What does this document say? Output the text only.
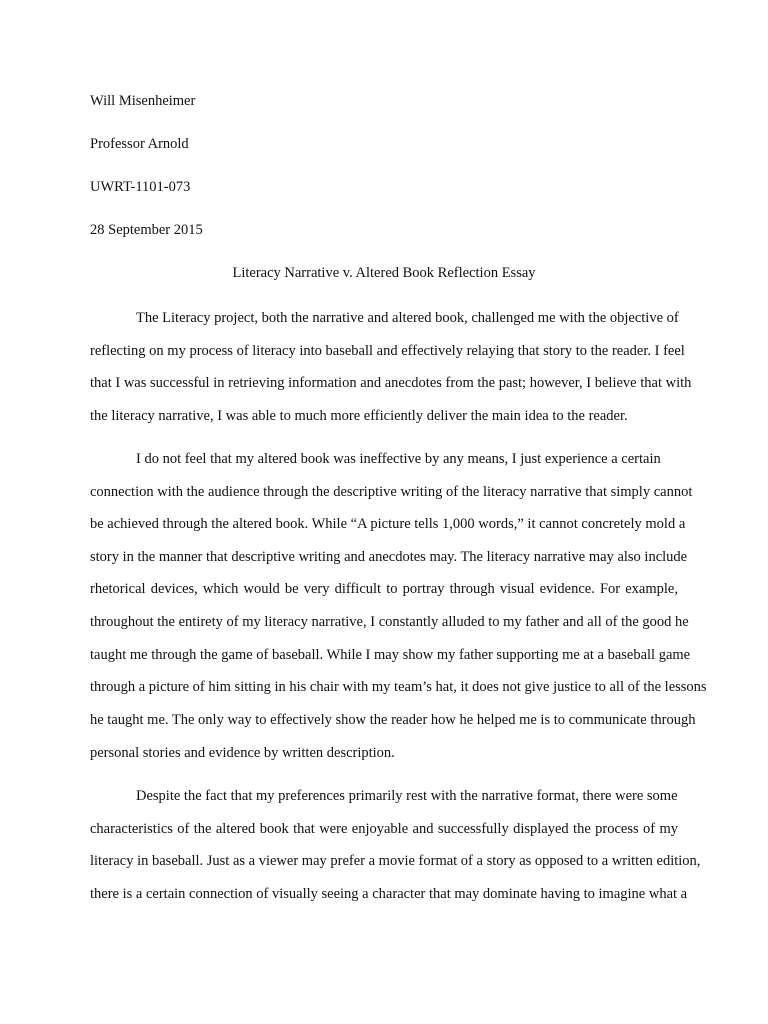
Will Misenheimer
Professor Arnold
UWRT-1101-073
28 September 2015
Literacy Narrative v. Altered Book Reflection Essay
The Literacy project, both the narrative and altered book, challenged me with the objective of
reflecting on my process of literacy into baseball and effectively relaying that story to the reader. I feel
that I was successful in retrieving information and anecdotes from the past; however, I believe that with
the literacy narrative, I was able to much more efficiently deliver the main idea to the reader.
I do not feel that my altered book was ineffective by any means, I just experience a certain
connection with the audience through the descriptive writing of the literacy narrative that simply cannot
be achieved through the altered book. While “A picture tells 1,000 words,” it cannot concretely mold a
story in the manner that descriptive writing and anecdotes may. The literacy narrative may also include
rhetorical devices, which would be very difficult to portray through visual evidence. For example,
throughout the entirety of my literacy narrative, I constantly alluded to my father and all of the good he
taught me through the game of baseball. While I may show my father supporting me at a baseball game
through a picture of him sitting in his chair with my team’s hat, it does not give justice to all of the lessons
he taught me. The only way to effectively show the reader how he helped me is to communicate through
personal stories and evidence by written description.
Despite the fact that my preferences primarily rest with the narrative format, there were some
characteristics of the altered book that were enjoyable and successfully displayed the process of my
literacy in baseball. Just as a viewer may prefer a movie format of a story as opposed to a written edition,
there is a certain connection of visually seeing a character that may dominate having to imagine what a
